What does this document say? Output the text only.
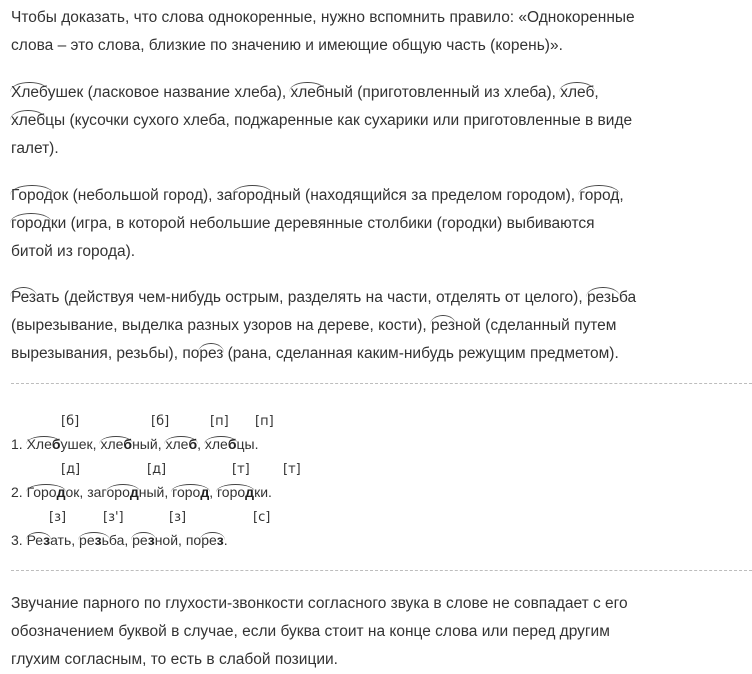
Чтобы доказать, что слова однокоренные, нужно вспомнить правило: «Однокоренные
слова – это слова, близкие по значению и имеющие общую часть (корень)».

Хлебушек (ласковое название хлеба), хлебный (приготовленный из хлеба), хлеб,
хлебцы (кусочки сухого хлеба, поджаренные как сухарики или приготовленные в виде
галет).

Городок (небольшой город), загородный (находящийся за пределом городом), город,
городки (игра, в которой небольшие деревянные столбики (городки) выбиваются
битой из города).

Резать (действуя чем-нибудь острым, разделять на части, отделять от целого), резьба
(вырезывание, выделка разных узоров на дереве, кости), резной (сделанный путем
вырезывания, резьбы), порез (рана, сделанная каким-нибудь режущим предметом).

[б]	[б]	[п] [п]
1. Хлебушек, хлебный, хлеб, хлебцы.
[д]	[д]	[т]	[т]
2. Городок, загородный, город, городки.
[з]	[з']	[з]	[с]
3. Резать, резьба, резной, порез.

Звучание парного по глухости-звонкости согласного звука в слове не совпадает с его
обозначением буквой в случае, если буква стоит на конце слова или перед другим
глухим согласным, то есть в слабой позиции.
